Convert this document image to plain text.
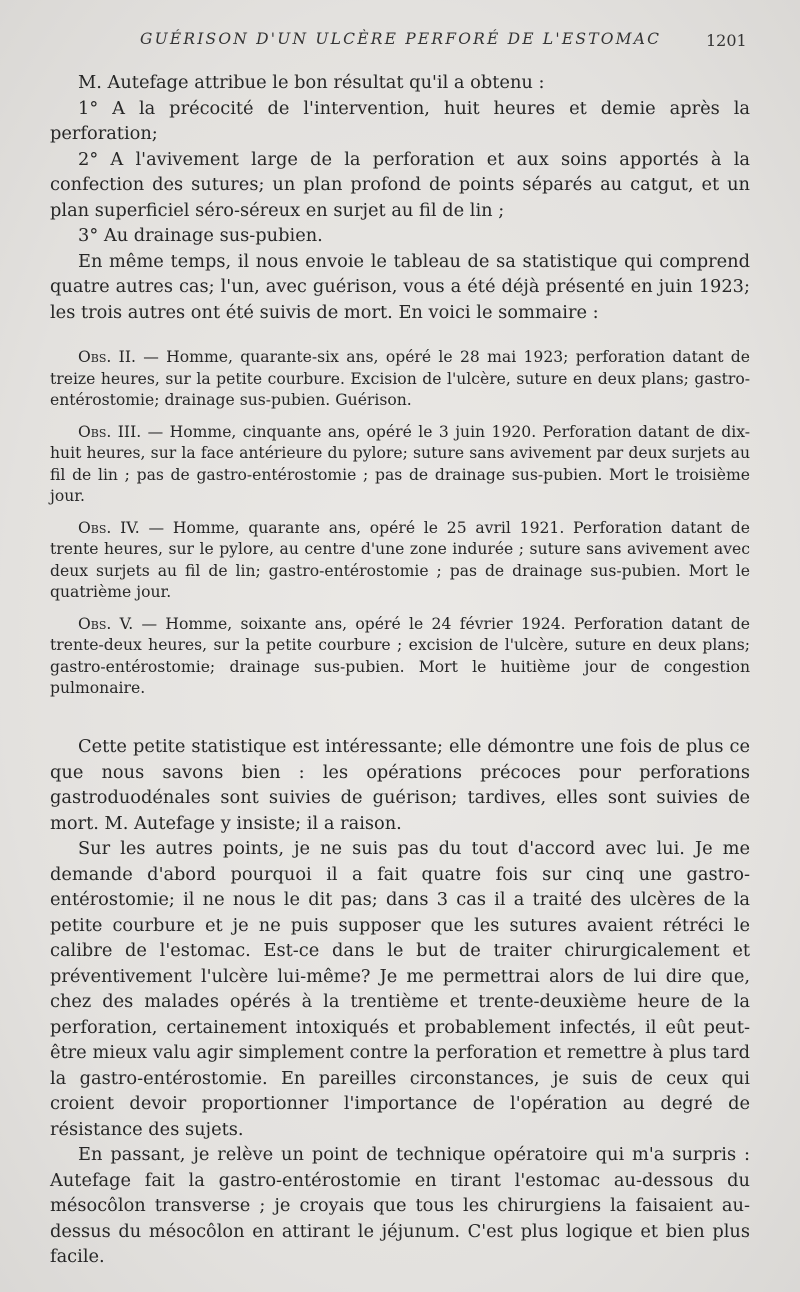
GUÉRISON D'UN ULCÈRE PERFORÉ DE L'ESTOMAC	1201

M. Autefage attribue le bon résultat qu'il a obtenu :

1° A la précocité de l'intervention, huit heures et demie après la perforation;

2° A l'avivement large de la perforation et aux soins apportés à la confection des sutures; un plan profond de points séparés au catgut, et un plan superficiel séro-séreux en surjet au fil de lin ;

3° Au drainage sus-pubien.

En même temps, il nous envoie le tableau de sa statistique qui comprend quatre autres cas; l'un, avec guérison, vous a été déjà présenté en juin 1923; les trois autres ont été suivis de mort. En voici le sommaire :

Obs. II. — Homme, quarante-six ans, opéré le 28 mai 1923; perforation datant de treize heures, sur la petite courbure. Excision de l'ulcère, suture en deux plans; gastro-entérostomie; drainage sus-pubien. Guérison.

Obs. III. — Homme, cinquante ans, opéré le 3 juin 1920. Perforation datant de dix-huit heures, sur la face antérieure du pylore; suture sans avivement par deux surjets au fil de lin ; pas de gastro-entérostomie ; pas de drainage sus-pubien. Mort le troisième jour.

Obs. IV. — Homme, quarante ans, opéré le 25 avril 1921. Perforation datant de trente heures, sur le pylore, au centre d'une zone indurée ; suture sans avivement avec deux surjets au fil de lin; gastro-entérostomie ; pas de drainage sus-pubien. Mort le quatrième jour.

Obs. V. — Homme, soixante ans, opéré le 24 février 1924. Perforation datant de trente-deux heures, sur la petite courbure ; excision de l'ulcère, suture en deux plans; gastro-entérostomie; drainage sus-pubien. Mort le huitième jour de congestion pulmonaire.

Cette petite statistique est intéressante; elle démontre une fois de plus ce que nous savons bien : les opérations précoces pour perforations gastroduodénales sont suivies de guérison; tardives, elles sont suivies de mort. M. Autefage y insiste; il a raison.

Sur les autres points, je ne suis pas du tout d'accord avec lui. Je me demande d'abord pourquoi il a fait quatre fois sur cinq une gastro-entérostomie; il ne nous le dit pas; dans 3 cas il a traité des ulcères de la petite courbure et je ne puis supposer que les sutures avaient rétréci le calibre de l'estomac. Est-ce dans le but de traiter chirurgicalement et préventivement l'ulcère lui-même? Je me permettrai alors de lui dire que, chez des malades opérés à la trentième et trente-deuxième heure de la perforation, certainement intoxiqués et probablement infectés, il eût peut-être mieux valu agir simplement contre la perforation et remettre à plus tard la gastro-entérostomie. En pareilles circonstances, je suis de ceux qui croient devoir proportionner l'importance de l'opération au degré de résistance des sujets.

En passant, je relève un point de technique opératoire qui m'a surpris : Autefage fait la gastro-entérostomie en tirant l'estomac au-dessous du mésocôlon transverse ; je croyais que tous les chirurgiens la faisaient au-dessus du mésocôlon en attirant le jéjunum. C'est plus logique et bien plus facile.
